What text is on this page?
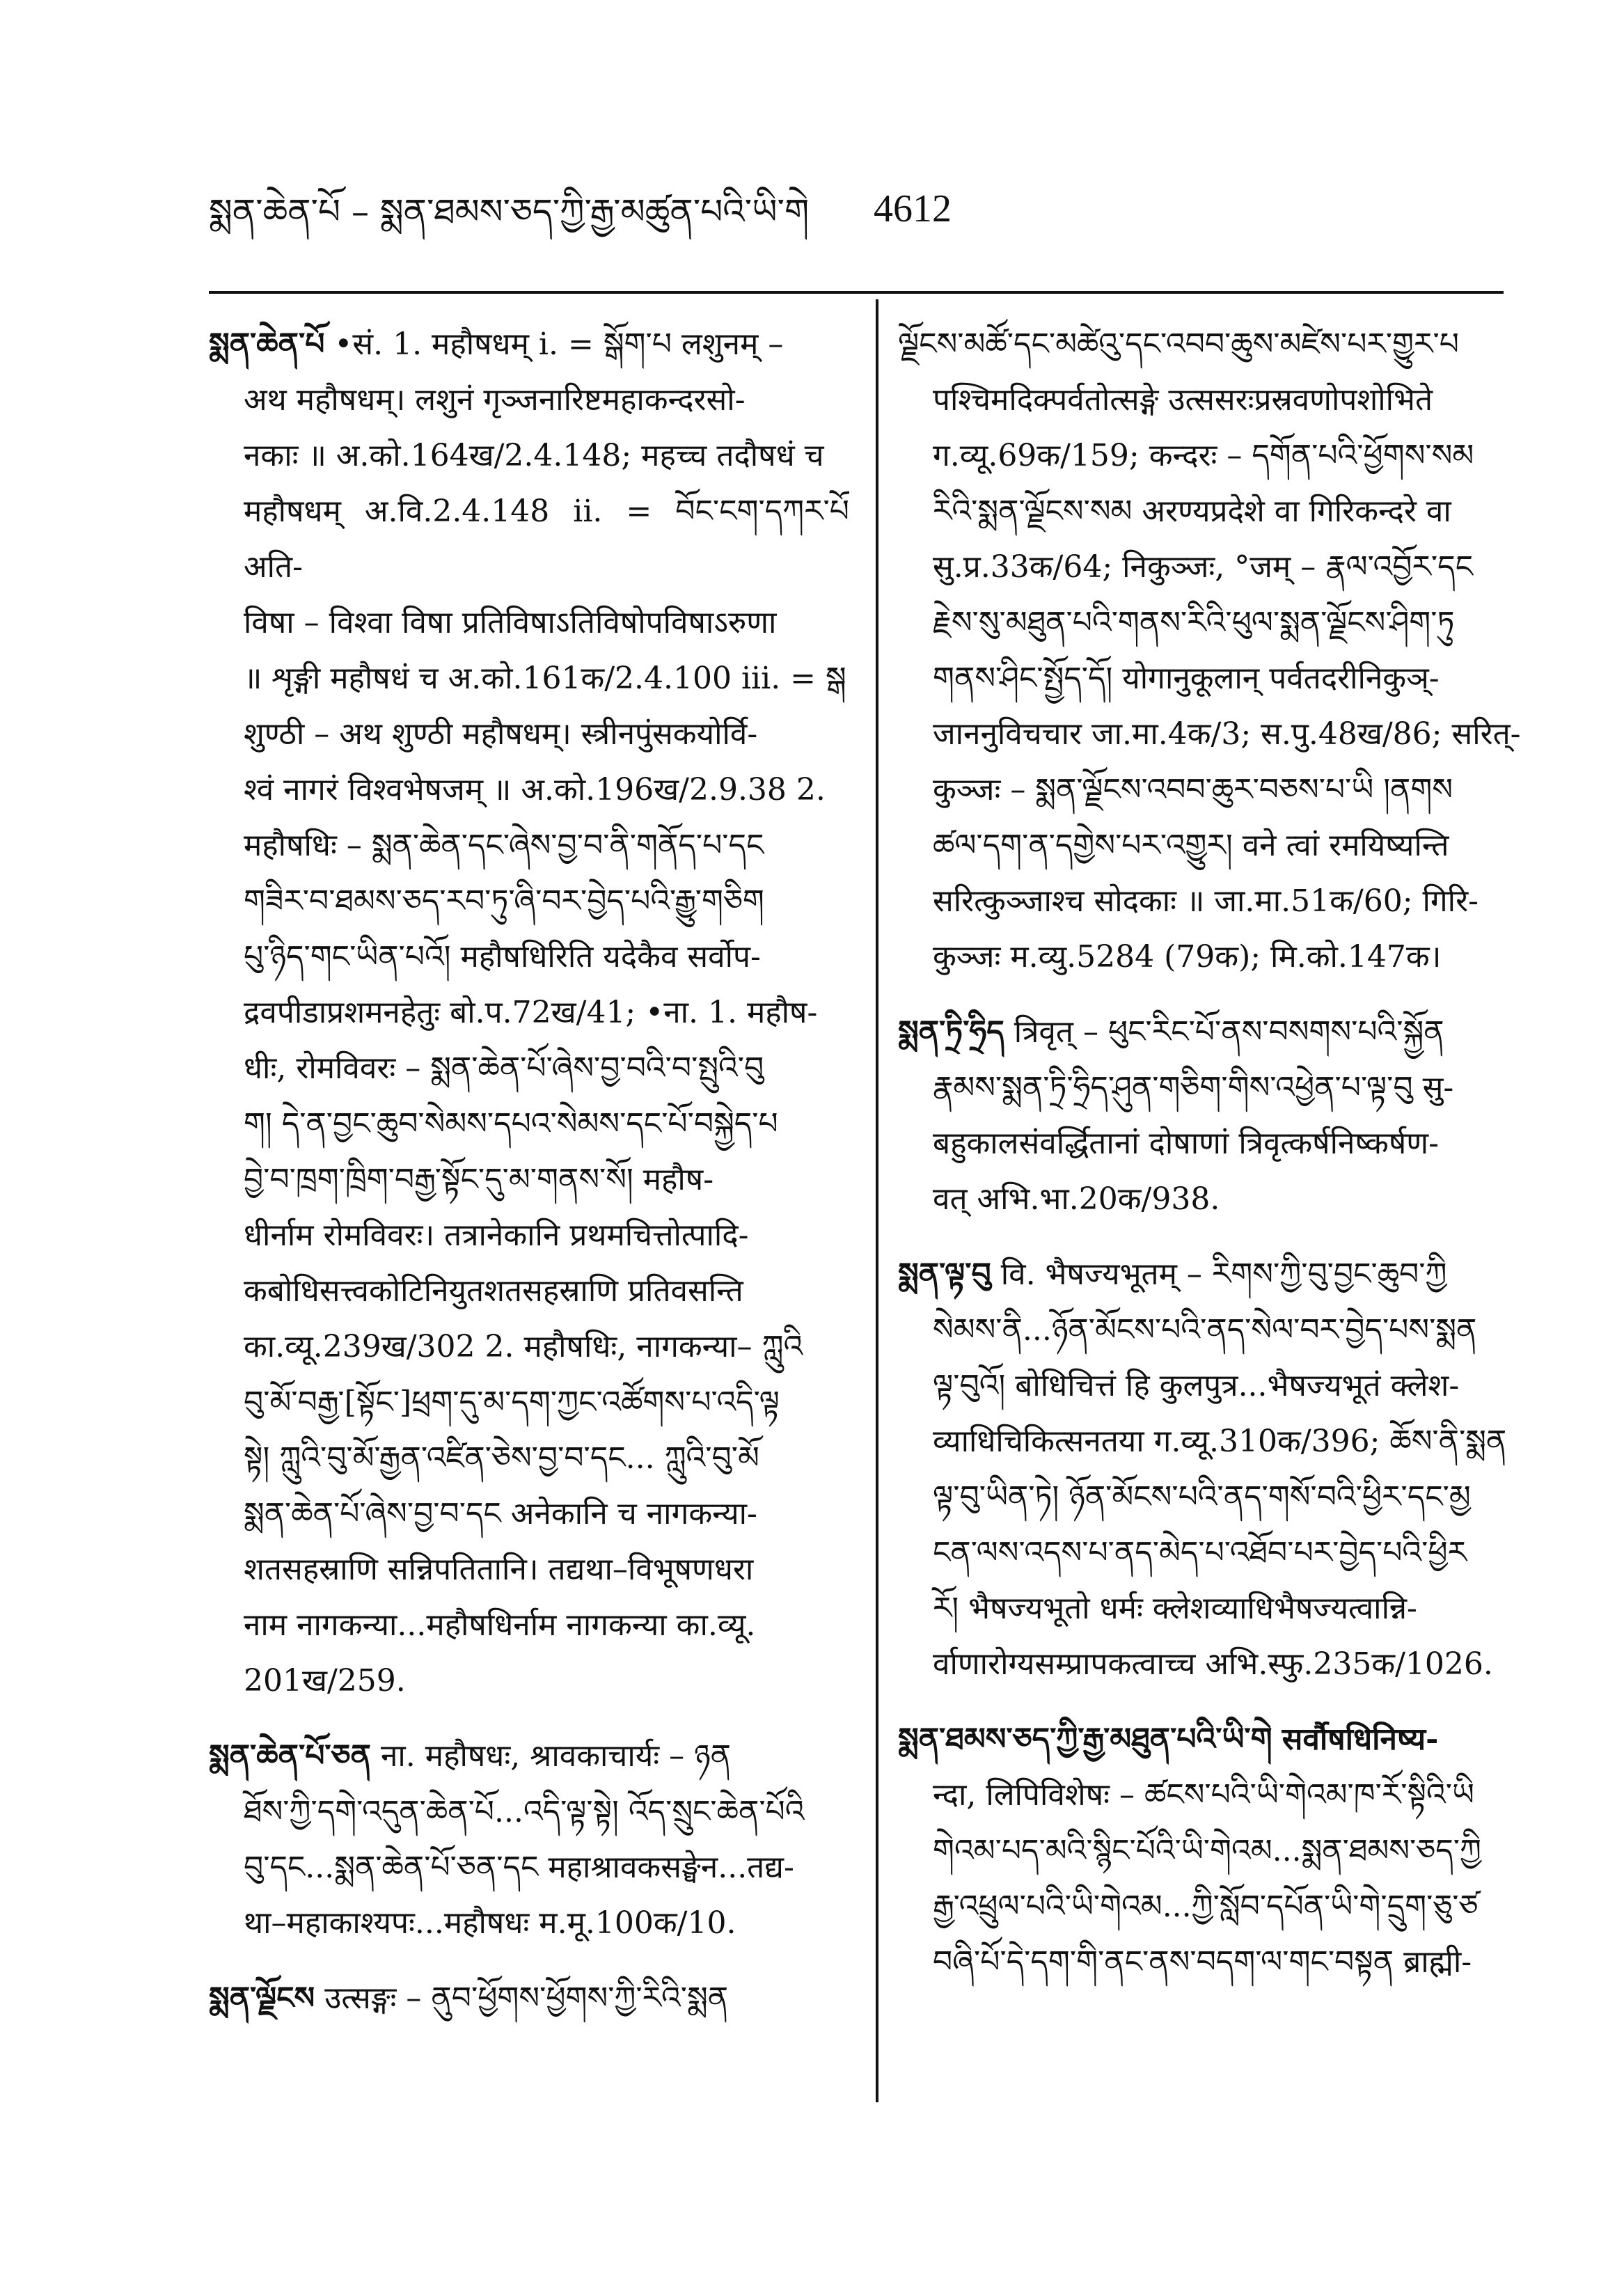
སྨན་ཆེན་པོ – སྨན་ཐམས་ཅད་ཀྱི་རྒྱ་མཚུན་པའི་ཡི་གེ 4612

སྨན་ཆེན་པོ •सं. 1. महौषधम् i. = སྒོག་པ लशुनम् –

अथ महौषधम्। लशुनं गृञ्जनारिष्टमहाकन्दरसो-

नकाः ॥ अ.को.164ख/2.4.148; महच्च तदौषधं च

महौषधम् अ.वि.2.4.148 ii. = བོང་ངག་དཀར་པོ अति-

विषा – विश्वा विषा प्रतिविषाऽतिविषोपविषाऽरुणा

॥ शृङ्गी महौषधं च अ.को.161क/2.4.100 iii. = སྒ

शुण्ठी – अथ शुण्ठी महौषधम्। स्त्रीनपुंसकयोर्वि-

श्वं नागरं विश्वभेषजम् ॥ अ.को.196ख/2.9.38 2.

महौषधिः – སྨན་ཆེན་དང་ཞེས་བྱ་བ་ནི་གནོད་པ་དང

གཟིར་བ་ཐམས་ཅད་རབ་ཏུ་ཞི་བར་བྱེད་པའི་རྒྱུ་གཅིག

པུ་ཉིད་གང་ཡིན་པའོ། महौषधिरिति यदेकैव सर्वोप-

द्रवपीडाप्रशमनहेतुः बो.प.72ख/41; •ना. 1. महौष-

धीः, रोमविवरः – སྨན་ཆེན་པོ་ཞེས་བྱ་བའི་བ་སྤུའི་བུ

ག། དེ་ན་བྱང་ཆུབ་སེམས་དཔའ་སེམས་དང་པོ་བསྐྱེད་པ

བྱེ་བ་ཁྲག་ཁྲིག་བརྒྱ་སྟོང་དུ་མ་གནས་སོ། महौष-

धीर्नाम रोमविवरः। तत्रानेकानि प्रथमचित्तोत्पादि-

कबोधिसत्त्वकोटिनियुतशतसहस्राणि प्रतिवसन्ति

का.व्यू.239ख/302 2. महौषधिः, नागकन्या– ཀླུའི

བུ་མོ་བརྒྱ་[སྟོང་]ཕྲག་དུ་མ་དག་ཀྱང་འཚོགས་པ་འདི་ལྟ

སྟེ། ཀླུའི་བུ་མོ་རྒྱན་འཛིན་ཅེས་བྱ་བ་དང... ཀླུའི་བུ་མོ

སྨན་ཆེན་པོ་ཞེས་བྱ་བ་དང अनेकानि च नागकन्या-

शतसहस्राणि सन्निपतितानि। तद्यथा–विभूषणधरा

नाम नागकन्या...महौषधिर्नाम नागकन्या का.व्यू.

201ख/259.

སྨན་ཆེན་པོ་ཅན ना. महौषधः, श्रावकाचार्यः – ཉན

ཐོས་ཀྱི་དགེ་འདུན་ཆེན་པོ...འདི་ལྟ་སྟེ། འོད་སྲུང་ཆེན་པོའི

བུ་དང...སྨན་ཆེན་པོ་ཅན་དང महाश्रावकसङ्घेन...तद्य-

था–महाकाश्यपः...महौषधः म.मू.100क/10.

སྨན་ལྗོངས उत्सङ्गः – ནུབ་ཕྱོགས་ཕྱོགས་ཀྱི་རིའི་སྨན

ལྗོངས་མཚོ་དང་མཚེའུ་དང་འབབ་ཆུས་མཛེས་པར་གྱུར་པ

पश्चिमदिक्पर्वतोत्सङ्गे उत्ससरःप्रस्रवणोपशोभिते

ग.व्यू.69क/159; कन्दरः – དགོན་པའི་ཕྱོགས་སམ

རིའི་སྨན་ལྗོངས་སམ अरण्यप्रदेशे वा गिरिकन्दरे वा

सु.प्र.33क/64; निकुञ्जः, °जम् – རྣལ་འབྱོར་དང

རྗེས་སུ་མཐུན་པའི་གནས་རིའི་ཕུལ་སྨན་ལྗོངས་ཤིག་ཏུ

གནས་ཤིང་སྤྱོད་དོ། योगानुकूलान् पर्वतदरीनिकुञ्-

जाननुविचचार जा.मा.4क/3; स.पु.48ख/86; सरित्-

कुञ्जः – སྨན་ལྗོངས་འབབ་ཆུར་བཅས་པ་ཡི །ནགས

ཚལ་དག་ན་དགྱེས་པར་འགྱུར། वने त्वां रमयिष्यन्ति

सरित्कुञ्जाश्च सोदकाः ॥ जा.मा.51क/60; गिरि-

कुञ्जः म.व्यु.5284 (79क); मि.को.147क।

སྨན་ཏྲི་ཧྲིད त्रिवृत् – ཕུང་རིང་པོ་ནས་བསགས་པའི་སྐྱོན

རྣམས་སྨན་ཏྲི་ཧྲིད་ཤུན་གཅིག་གིས་འཕྱེན་པ་ལྟ་བུ सु-

बहुकालसंवर्द्धितानां दोषाणां त्रिवृत्कर्षनिष्कर्षण-

वत् अभि.भा.20क/938.

སྨན་ལྟ་བུ वि. भैषज्यभूतम् – རིགས་ཀྱི་བུ་བྱང་ཆུབ་ཀྱི

སེམས་ནི...ཉོན་མོངས་པའི་ནད་སེལ་བར་བྱེད་པས་སྨན

ལྟ་བུའོ། बोधिचित्तं हि कुलपुत्र...भैषज्यभूतं क्लेश-

व्याधिचिकित्सनतया ग.व्यू.310क/396; ཆོས་ནི་སྨན

ལྟ་བུ་ཡིན་ཏེ། ཉོན་མོངས་པའི་ནད་གསོ་བའི་ཕྱིར་དང་མྱ

ངན་ལས་འདས་པ་ནད་མེད་པ་འཐོབ་པར་བྱེད་པའི་ཕྱིར

རོ། भैषज्यभूतो धर्मः क्लेशव्याधिभैषज्यत्वान्नि-

र्वाणारोग्यसम्प्रापकत्वाच्च अभि.स्फु.235क/1026.

སྨན་ཐམས་ཅད་ཀྱི་རྒྱ་མཐུན་པའི་ཡི་གེ सर्वौषधिनिष्य-

न्दा, लिपिविशेषः – ཚངས་པའི་ཡི་གེའམ་ཁ་རོ་སྟིའི་ཡི

གེའམ་པད་མའི་སྙིང་པོའི་ཡི་གེའམ...སྨན་ཐམས་ཅད་ཀྱི

རྒྱ་འཕྲུལ་པའི་ཡི་གེའམ...ཀྱི་སློབ་དཔོན་ཡི་གེ་དྲུག་ཅུ་ཙ

བཞི་པོ་དེ་དག་གི་ནང་ནས་བདག་ལ་གང་བསྟན ब्राह्मी-
